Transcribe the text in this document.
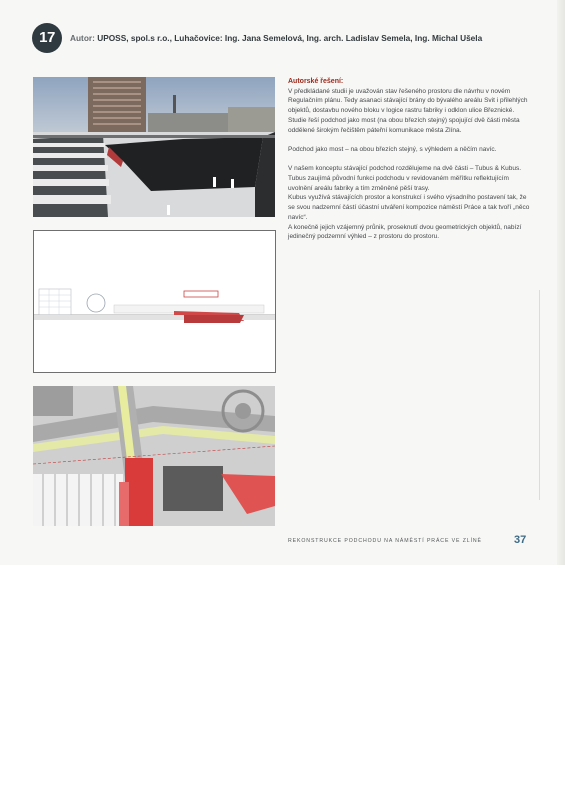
17	Autor: UPOSS, spol.s r.o., Luhačovice: Ing. Jana Semelová, Ing. arch. Ladislav Semela, Ing. Michal Ušela
Autorské řešení:

V předkládané studii je uvažován stav řešeného prostoru dle návrhu v novém Regulačním plánu. Tedy asanaci stávající brány do bývalého areálu Svit i přilehlých objektů, dostavbu nového bloku v logice rastru fabriky i odklon ulice Březnické.

Studie řeší podchod jako most (na obou březích stejný) spojující dvě části města oddělené širokým řečištěm páteřní komunikace města Zlína.

Podchod jako most – na obou březích stejný, s výhledem a něčím navíc.

V našem konceptu stávající podchod rozdělujeme na dvě části – Tubus & Kubus.

Tubus zaujímá původní funkci podchodu v revidovaném měřítku reflektujícím uvolnění areálu fabriky a tím změněné pěší trasy.

Kubus využívá stávajících prostor a konstrukcí i svého výsadního postavení tak, že se svou nadzemní částí účastní utváření kompozice náměstí Práce a tak tvoří „něco navíc“.

A konečně jejich vzájemný průnik, proseknutí dvou geometrických objektů, nabízí jedinečný podzemní výhled – z prostoru do prostoru.

REKONSTRUKCE PODCHODU NA NÁMĚSTÍ PRÁCE VE ZLÍNĚ	37
